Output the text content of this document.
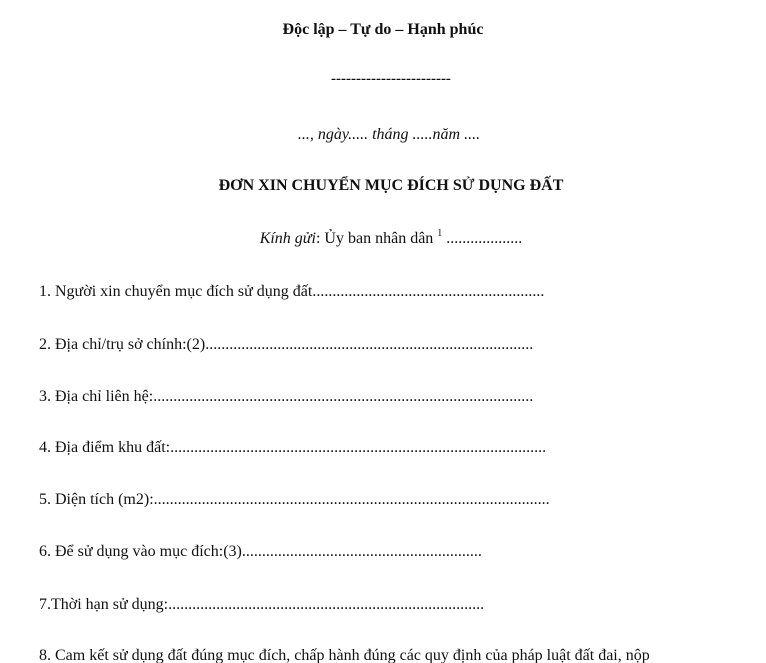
Độc lập – Tự do – Hạnh phúc
------------------------
..., ngày..... tháng .....năm ....
ĐƠN XIN CHUYỂN MỤC ĐÍCH SỬ DỤNG ĐẤT
Kính gửi: Ủy ban nhân dân $^1$ ...................
1. Người xin chuyển mục đích sử dụng đất..........................................................
2. Địa chỉ/trụ sở chính:(2)..................................................................................
3. Địa chỉ liên hệ:...............................................................................................
4. Địa điểm khu đất:..............................................................................................
5. Diện tích (m2):...................................................................................................
6. Để sử dụng vào mục đích:(3)............................................................
7.Thời hạn sử dụng:...............................................................................
8. Cam kết sử dụng đất đúng mục đích, chấp hành đúng các quy định của pháp luật đất đai, nộp
